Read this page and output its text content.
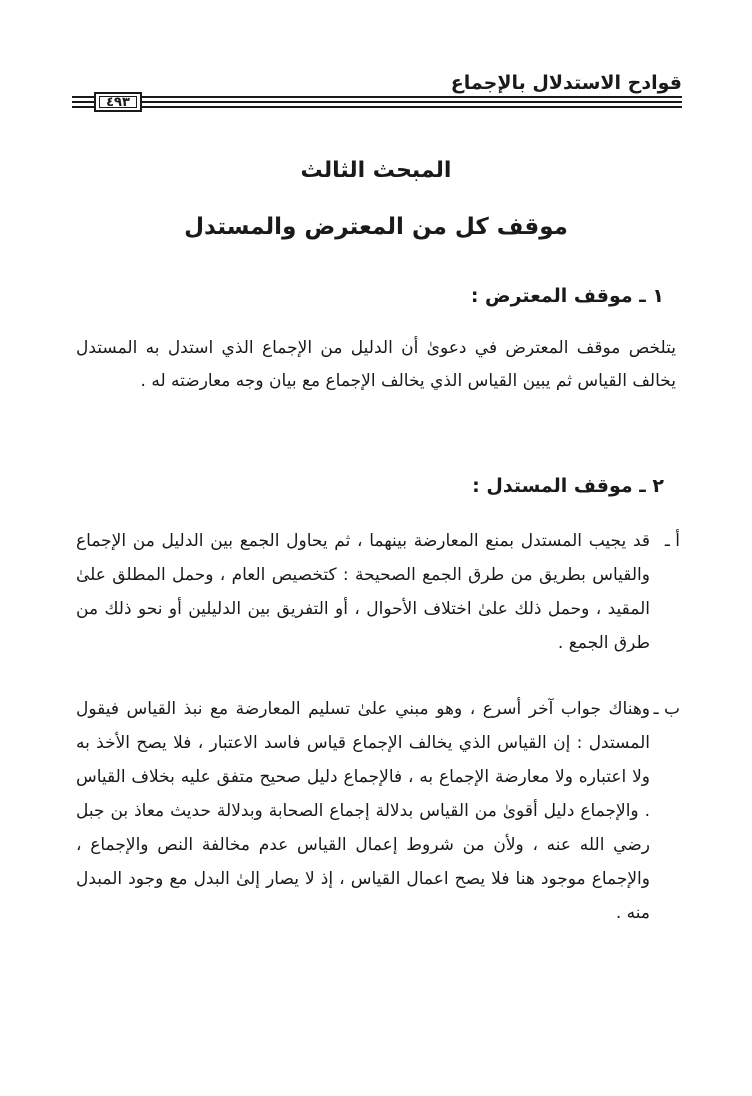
قوادح الاستدلال بالإجماع
٤٩٣
المبحث الثالث
موقف كل من المعترض والمستدل
١ ـ موقف المعترض :
يتلخص موقف المعترض في دعوىٰ أن الدليل من الإجماع الذي استدل به المستدل يخالف القياس ثم يبين القياس الذي يخالف الإجماع مع بيان وجه معارضته له .
٢ ـ موقف المستدل :
أ ـ
قد يجيب المستدل بمنع المعارضة بينهما ، ثم يحاول الجمع بين الدليل من الإجماع والقياس بطريق من طرق الجمع الصحيحة : كتخصيص العام ، وحمل المطلق علىٰ المقيد ، وحمل ذلك علىٰ اختلاف الأحوال ، أو التفريق بين الدليلين أو نحو ذلك من طرق الجمع .
ب ـ
وهناك جواب آخر أسرع ، وهو مبني علىٰ تسليم المعارضة مع نبذ القياس فيقول المستدل : إن القياس الذي يخالف الإجماع قياس فاسد الاعتبار ، فلا يصح الأخذ به ولا اعتباره ولا معارضة الإجماع به ، فالإجماع دليل صحيح متفق عليه بخلاف القياس . والإجماع دليل أقوىٰ من القياس بدلالة إجماع الصحابة وبدلالة حديث معاذ بن جبل رضي الله عنه ، ولأن من شروط إعمال القياس عدم مخالفة النص والإجماع ، والإجماع موجود هنا فلا يصح اعمال القياس ، إذ لا يصار إلىٰ البدل مع وجود المبدل منه .
